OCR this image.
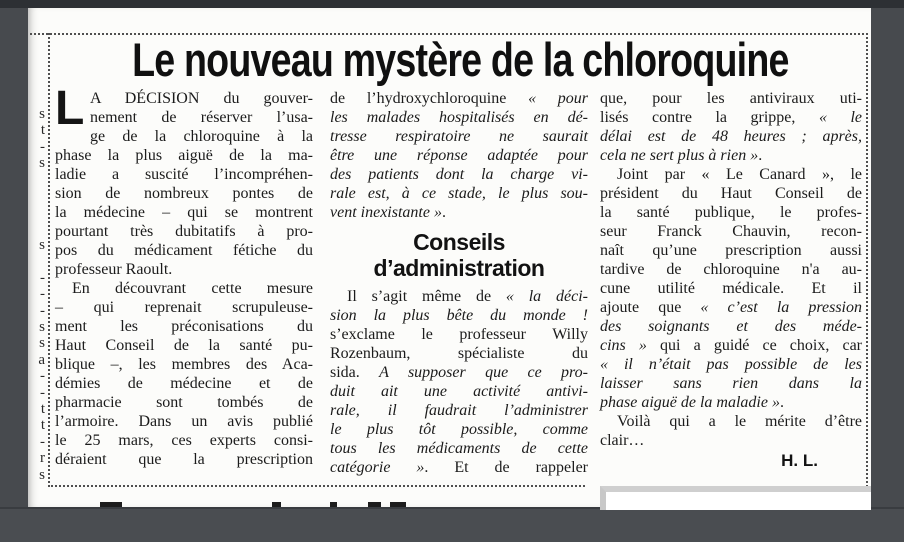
Le nouveau mystère de la chloroquine
L A DÉCISION du gouver-
nement de réserver l’usa-
ge de la chloroquine à la
phase la plus aiguë de la ma-
ladie a suscité l’incompréhen-
sion de nombreux pontes de
la médecine – qui se montrent
pourtant très dubitatifs à pro-
pos du médicament fétiche du
professeur Raoult.
En découvrant cette mesure
– qui reprenait scrupuleuse-
ment les préconisations du
Haut Conseil de la santé pu-
blique –, les membres des Aca-
démies de médecine et de
pharmacie sont tombés de
l’armoire. Dans un avis publié
le 25 mars, ces experts consi-
déraient que la prescription
de l’hydroxychloroquine « pour
les malades hospitalisés en dé-
tresse respiratoire ne saurait
être une réponse adaptée pour
des patients dont la charge vi-
rale est, à ce stade, le plus sou-
vent inexistante ».
Conseils
d’administration
Il s’agit même de « la déci-
sion la plus bête du monde !
s’exclame le professeur Willy
Rozenbaum, spécialiste du
sida. A supposer que ce pro-
duit ait une activité antivi-
rale, il faudrait l’administrer
le plus tôt possible, comme
tous les médicaments de cette
catégorie ». Et de rappeler
que, pour les antiviraux uti-
lisés contre la grippe, « le
délai est de 48 heures ; après,
cela ne sert plus à rien ».
Joint par « Le Canard », le
président du Haut Conseil de
la santé publique, le profes-
seur Franck Chauvin, recon-
naît qu’une prescription aussi
tardive de chloroquine n'a au-
cune utilité médicale. Et il
ajoute que « c’est la pression
des soignants et des méde-
cins » qui a guidé ce choix, car
« il n’était pas possible de les
laisser sans rien dans la
phase aiguë de la maladie ».
Voilà qui a le mérite d’être
clair…
H. L.
s
t
-
s

s

-
-
-
s
s
a
-
-
t
t
-
r
s
